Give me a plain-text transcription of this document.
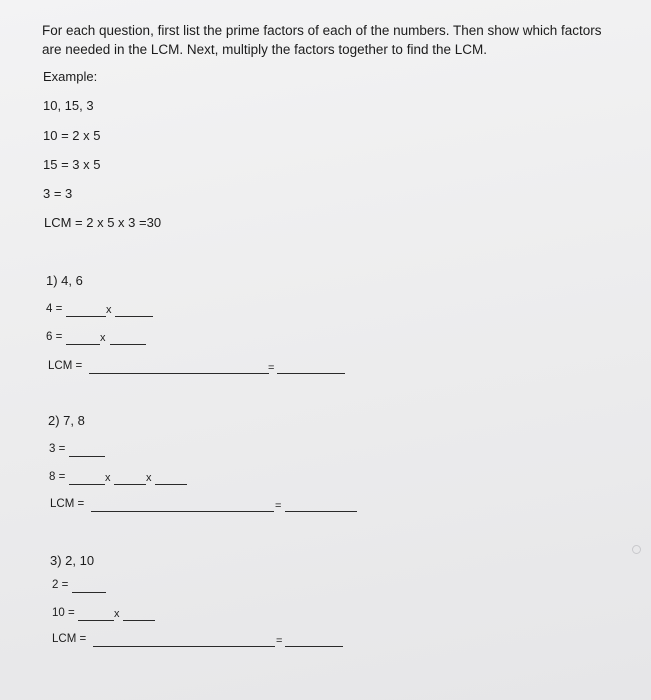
For each question, first list the prime factors of each of the numbers. Then show which factors are needed in the LCM. Next, multiply the factors together to find the LCM.
Example:
10, 15, 3
10 = 2 x 5
15 = 3 x 5
3 = 3
LCM = 2 x 5 x 3 =30
1) 4, 6
4 =	x
6 =	x
LCM =	=
2) 7, 8
3 =
8 =	x	x
LCM =	=
3) 2, 10
2 =
10 =	x
LCM =	=
